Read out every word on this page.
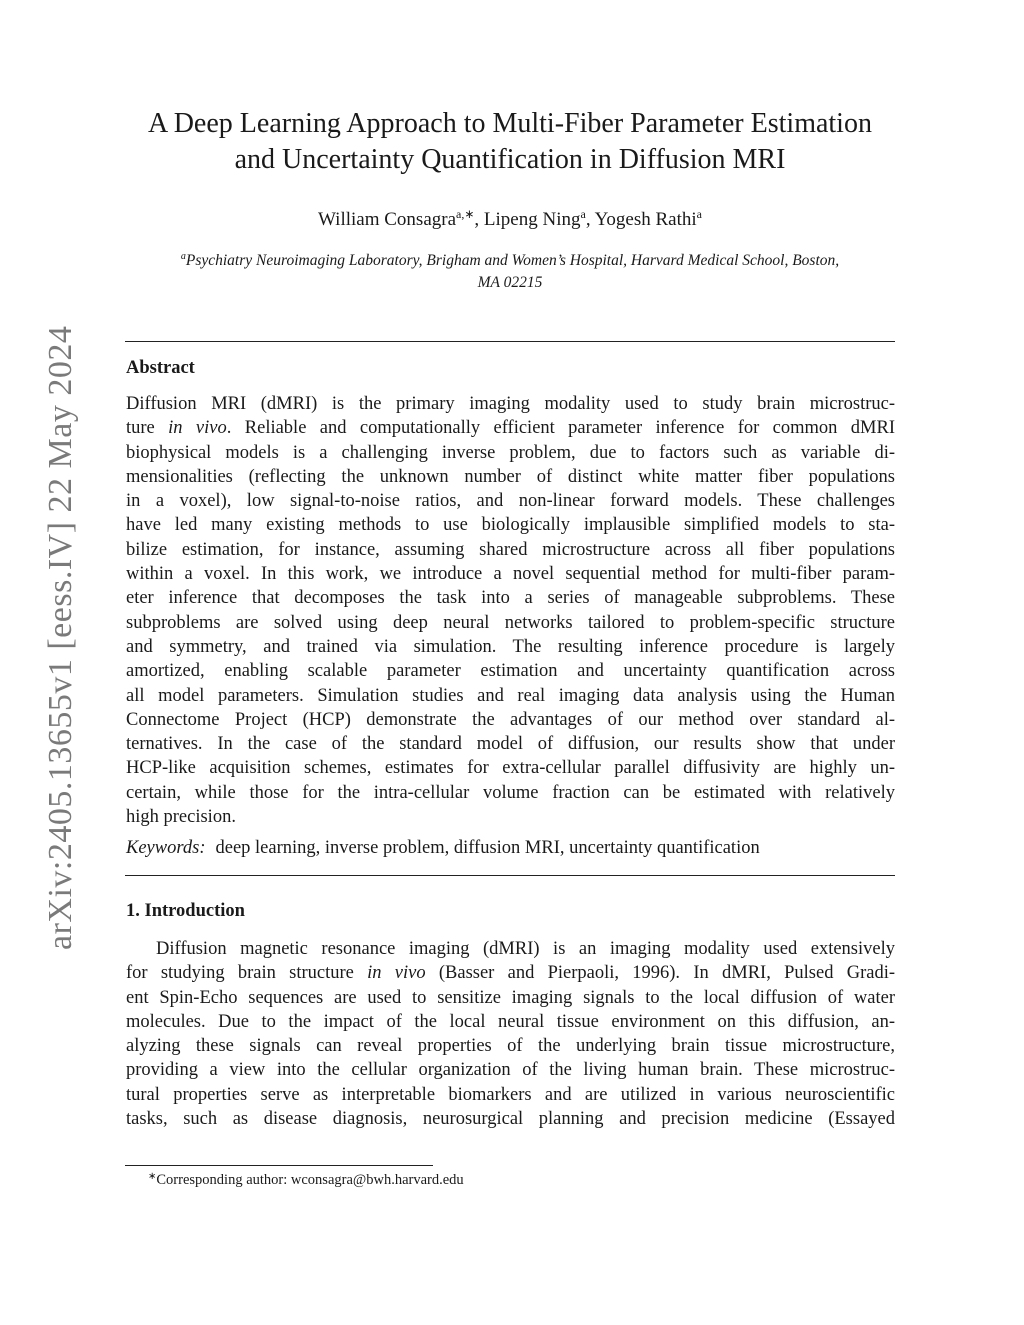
arXiv:2405.13655v1 [eess.IV] 22 May 2024
A Deep Learning Approach to Multi-Fiber Parameter Estimation
and Uncertainty Quantification in Diffusion MRI
William Consagra$^{a,∗}$, Lipeng Ning$^a$, Yogesh Rathi$^a$
$^a$Psychiatry Neuroimaging Laboratory, Brigham and Women’s Hospital, Harvard Medical School, Boston,
MA 02215
Abstract
Diffusion MRI (dMRI) is the primary imaging modality used to study brain microstruc-
ture in vivo. Reliable and computationally efficient parameter inference for common dMRI
biophysical models is a challenging inverse problem, due to factors such as variable di-
mensionalities (reflecting the unknown number of distinct white matter fiber populations
in a voxel), low signal-to-noise ratios, and non-linear forward models. These challenges
have led many existing methods to use biologically implausible simplified models to sta-
bilize estimation, for instance, assuming shared microstructure across all fiber populations
within a voxel. In this work, we introduce a novel sequential method for multi-fiber param-
eter inference that decomposes the task into a series of manageable subproblems. These
subproblems are solved using deep neural networks tailored to problem-specific structure
and symmetry, and trained via simulation. The resulting inference procedure is largely
amortized, enabling scalable parameter estimation and uncertainty quantification across
all model parameters. Simulation studies and real imaging data analysis using the Human
Connectome Project (HCP) demonstrate the advantages of our method over standard al-
ternatives. In the case of the standard model of diffusion, our results show that under
HCP-like acquisition schemes, estimates for extra-cellular parallel diffusivity are highly un-
certain, while those for the intra-cellular volume fraction can be estimated with relatively
high precision.
Keywords: deep learning, inverse problem, diffusion MRI, uncertainty quantification
1. Introduction
Diffusion magnetic resonance imaging (dMRI) is an imaging modality used extensively
for studying brain structure in vivo (Basser and Pierpaoli, 1996). In dMRI, Pulsed Gradi-
ent Spin-Echo sequences are used to sensitize imaging signals to the local diffusion of water
molecules. Due to the impact of the local neural tissue environment on this diffusion, an-
alyzing these signals can reveal properties of the underlying brain tissue microstructure,
providing a view into the cellular organization of the living human brain. These microstruc-
tural properties serve as interpretable biomarkers and are utilized in various neuroscientific
tasks, such as disease diagnosis, neurosurgical planning and precision medicine (Essayed
∗Corresponding author: wconsagra@bwh.harvard.edu
